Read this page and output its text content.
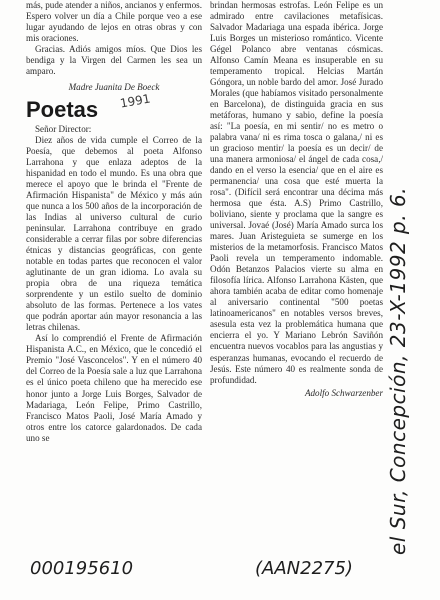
más, pude atender a niños, ancianos y enfermos. Espero volver un día a Chile porque veo a ese lugar ayudando de lejos en otras obras y con mis oraciones.

Gracias. Adiós amigos míos. Que Dios les bendiga y la Virgen del Carmen les sea un amparo.

Madre Juanita De Boeck

Poetas 1991

Señor Director:

Diez años de vida cumple el Correo de la Poesía, que debemos al poeta Alfonso Larrahona y que enlaza adeptos de la hispanidad en todo el mundo. Es una obra que merece el apoyo que le brinda el "Frente de Afirmación Hispanista" de México y más aún que nunca a los 500 años de la incorporación de las Indias al universo cultural de curio peninsular. Larrahona contribuye en grado considerable a cerrar filas por sobre diferencias étnicas y distancias geográficas, con gente notable en todas partes que reconocen el valor aglutinante de un gran idioma. Lo avala su propia obra de una riqueza temática sorprendente y un estilo suelto de dominio absoluto de las formas. Pertenece a los vates que podrán aportar aún mayor resonancia a las letras chilenas.

Así lo comprendió el Frente de Afirmación Hispanista A.C., en México, que le concedió el Premio "José Vasconcelos". Y en el número 40 del Correo de la Poesía sale a luz que Larrahona es el único poeta chileno que ha merecido ese honor junto a Jorge Luis Borges, Salvador de Madariaga, León Felipe, Primo Castrillo, Francisco Matos Paoli, José María Amado y otros entre los catorce galardonados. De cada uno se

brindan hermosas estrofas. León Felipe es un admirado entre cavilaciones metafísicas. Salvador Madariaga una espada ibérica. Jorge Luis Borges un misterioso romántico. Vicente Gégel Polanco abre ventanas cósmicas. Alfonso Camín Meana es insuperable en su temperamento tropical. Helcias Martán Góngora, un noble bardo del amor. José Jurado Morales (que habíamos visitado personalmente en Barcelona), de distinguida gracia en sus metáforas, humano y sabio, define la poesía así: "La poesía, en mi sentir/ no es metro o palabra vana/ ni es rima tosca o galana,/ ni es un gracioso mentir/ la poesía es un decir/ de una manera armoniosa/ el ángel de cada cosa,/ dando en el verso la esencia/ que en el aire es permanencia/ una cosa que esté muerta la rosa". (Difícil será encontrar una décima más hermosa que ésta. A.S) Primo Castrillo, boliviano, siente y proclama que la sangre es universal. Jovaé (José) María Amado surca los mares. Juan Aristeguieta se sumerge en los misterios de la metamorfosis. Francisco Matos Paoli revela un temperamento indomable. Odón Betanzos Palacios vierte su alma en filosofía lírica. Alfonso Larrahona Kästen, que ahora también acaba de editar como homenaje al aniversario continental "500 poetas latinoamericanos" en notables versos breves, asesula esta vez la problemática humana que encierra el yo. Y Mariano Lebrón Saviñón encuentra nuevos vocablos para las angustias y esperanzas humanas, evocando el recuerdo de Jesús. Este número 40 es realmente sonda de profundidad.

Adolfo Schwarzenber el Sur, Concepción, 23-X-1992 p. 6.
000195610	(AAN2275)
